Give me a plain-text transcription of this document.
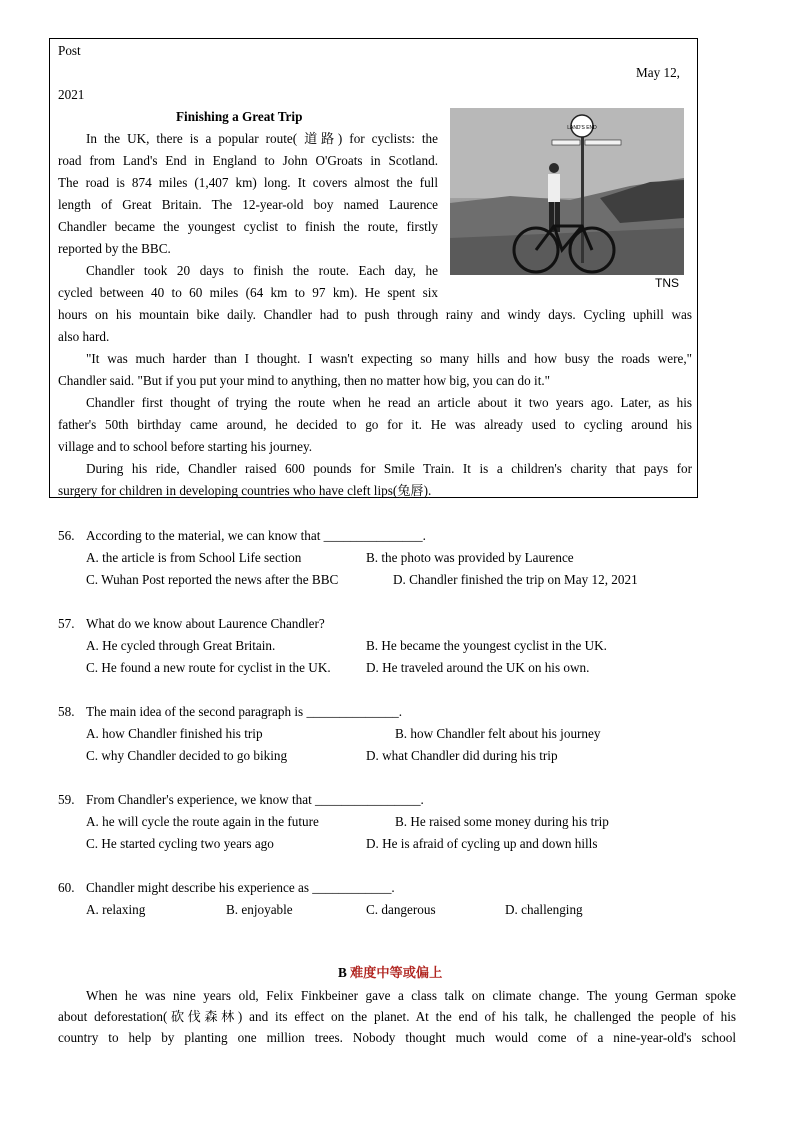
Post
May 12,
2021
Finishing a Great Trip
LAND'S END
TNS
In the UK, there is a popular route( 道路) for cyclists: the
road from Land's End in England to John O'Groats in Scotland.
The road is 874 miles (1,407 km) long. It covers almost the full
length of Great Britain. The 12-year-old boy named Laurence
Chandler became the youngest cyclist to finish the route, firstly
reported by the BBC.
Chandler took 20 days to finish the route. Each day, he
cycled between 40 to 60 miles (64 km to 97 km). He spent six
hours on his mountain bike daily. Chandler had to push through rainy and windy days. Cycling uphill was
also hard.
"It was much harder than I thought. I wasn't expecting so many hills and how busy the roads were,"
Chandler said. "But if you put your mind to anything, then no matter how big, you can do it."
Chandler first thought of trying the route when he read an article about it two years ago. Later, as his
father's 50th birthday came around, he decided to go for it. He was already used to cycling around his
village and to school before starting his journey.
During his ride, Chandler raised 600 pounds for Smile Train. It is a children's charity that pays for
surgery for children in developing countries who have cleft lips(兔唇).
56. According to the material, we can know that _______________.
A. the article is from School Life section	B. the photo was provided by Laurence
C. Wuhan Post reported the news after the BBC	D. Chandler finished the trip on May 12, 2021
57. What do we know about Laurence Chandler?
A. He cycled through Great Britain.	B. He became the youngest cyclist in the UK.
C. He found a new route for cyclist in the UK.	D. He traveled around the UK on his own.
58. The main idea of the second paragraph is ______________.
A. how Chandler finished his trip	B. how Chandler felt about his journey
C. why Chandler decided to go biking	D. what Chandler did during his trip
59. From Chandler's experience, we know that ________________.
A. he will cycle the route again in the future	B. He raised some money during his trip
C. He started cycling two years ago	D. He is afraid of cycling up and down hills
60. Chandler might describe his experience as ____________.
A. relaxing	B. enjoyable	C. dangerous	D. challenging
B 难度中等或偏上
When he was nine years old, Felix Finkbeiner gave a class talk on climate change. The young German spoke
about deforestation(砍伐森林) and its effect on the planet. At the end of his talk, he challenged the people of his
country to help by planting one million trees. Nobody thought much would come of a nine-year-old's school
